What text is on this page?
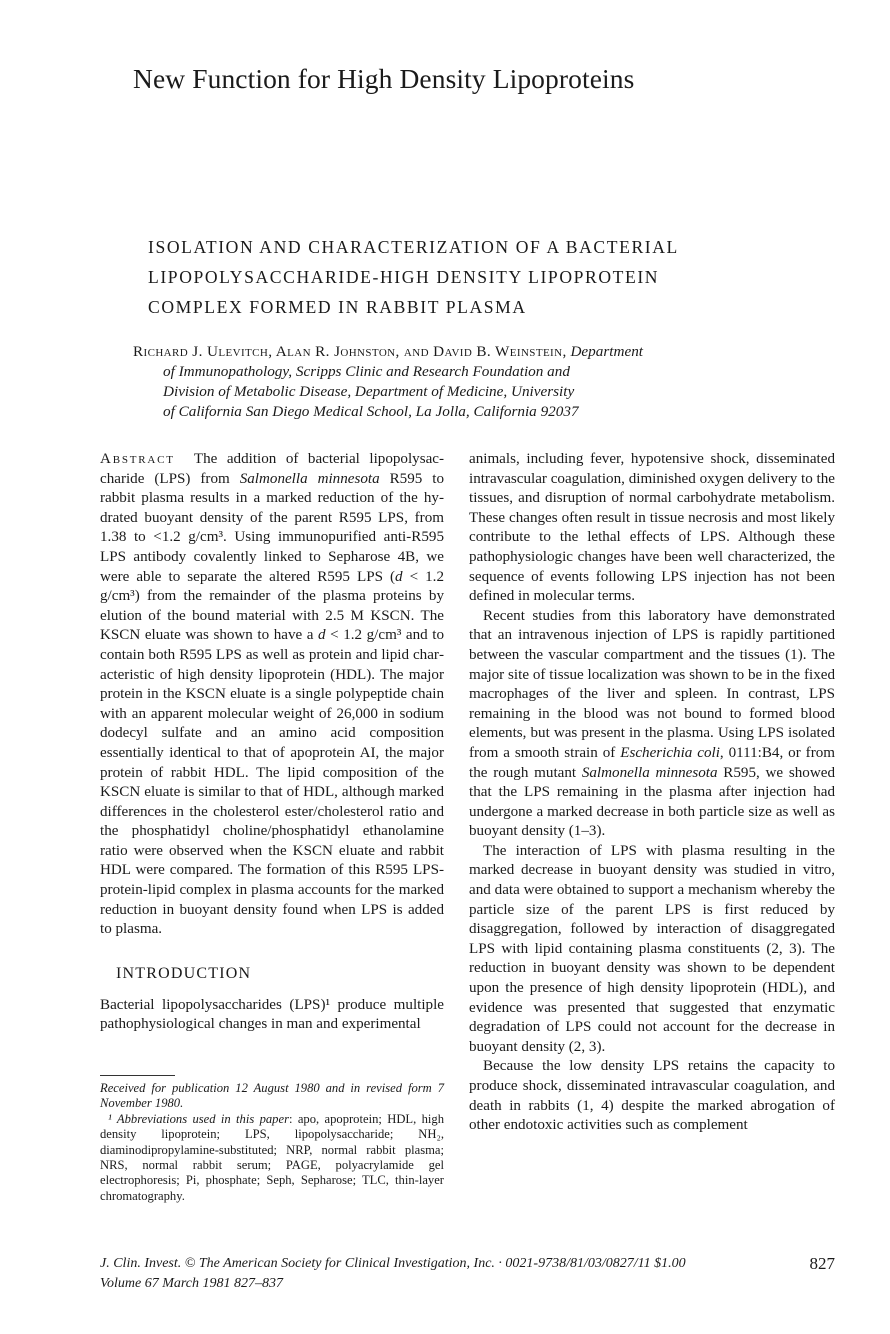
New Function for High Density Lipoproteins
ISOLATION AND CHARACTERIZATION OF A BACTERIAL
LIPOPOLYSACCHARIDE-HIGH DENSITY LIPOPROTEIN
COMPLEX FORMED IN RABBIT PLASMA
Richard J. Ulevitch, Alan R. Johnston, and David B. Weinstein, Department
of Immunopathology, Scripps Clinic and Research Foundation and
Division of Metabolic Disease, Department of Medicine, University
of California San Diego Medical School, La Jolla, California 92037

Abstract The addition of bacterial lipopolysaccharide (LPS) from Salmonella minnesota R595 to rabbit plasma results in a marked reduction of the hydrated buoyant density of the parent R595 LPS, from 1.38 to <1.2 g/cm³. Using immunopurified anti-R595 LPS antibody covalently linked to Sepharose 4B, we were able to separate the altered R595 LPS (d < 1.2 g/cm³) from the remainder of the plasma proteins by elution of the bound material with 2.5 M KSCN. The KSCN eluate was shown to have a d < 1.2 g/cm³ and to contain both R595 LPS as well as protein and lipid characteristic of high density lipoprotein (HDL). The major protein in the KSCN eluate is a single polypeptide chain with an apparent molecular weight of 26,000 in sodium dodecyl sulfate and an amino acid composition essentially identical to that of apoprotein AI, the major protein of rabbit HDL. The lipid composition of the KSCN eluate is similar to that of HDL, although marked differences in the cholesterol ester/cholesterol ratio and the phosphatidyl choline/phosphatidyl ethanolamine ratio were observed when the KSCN eluate and rabbit HDL were compared. The formation of this R595 LPS-protein-lipid complex in plasma accounts for the marked reduction in buoyant density found when LPS is added to plasma.

INTRODUCTION

Bacterial lipopolysaccharides (LPS)¹ produce multiple pathophysiological changes in man and experimental

Received for publication 12 August 1980 and in revised form 7 November 1980.

¹ Abbreviations used in this paper: apo, apoprotein; HDL, high density lipoprotein; LPS, lipopolysaccharide; NH₂, diaminodipropylamine-substituted; NRP, normal rabbit plasma; NRS, normal rabbit serum; PAGE, polyacrylamide gel electrophoresis; Pi, phosphate; Seph, Sepharose; TLC, thin-layer chromatography.

animals, including fever, hypotensive shock, disseminated intravascular coagulation, diminished oxygen delivery to the tissues, and disruption of normal carbohydrate metabolism. These changes often result in tissue necrosis and most likely contribute to the lethal effects of LPS. Although these pathophysiologic changes have been well characterized, the sequence of events following LPS injection has not been defined in molecular terms.

Recent studies from this laboratory have demonstrated that an intravenous injection of LPS is rapidly partitioned between the vascular compartment and the tissues (1). The major site of tissue localization was shown to be in the fixed macrophages of the liver and spleen. In contrast, LPS remaining in the blood was not bound to formed blood elements, but was present in the plasma. Using LPS isolated from a smooth strain of Escherichia coli, 0111:B4, or from the rough mutant Salmonella minnesota R595, we showed that the LPS remaining in the plasma after injection had undergone a marked decrease in both particle size as well as buoyant density (1–3).

The interaction of LPS with plasma resulting in the marked decrease in buoyant density was studied in vitro, and data were obtained to support a mechanism whereby the particle size of the parent LPS is first reduced by disaggregation, followed by interaction of disaggregated LPS with lipid containing plasma constituents (2, 3). The reduction in buoyant density was shown to be dependent upon the presence of high density lipoprotein (HDL), and evidence was presented that suggested that enzymatic degradation of LPS could not account for the decrease in buoyant density (2, 3).

Because the low density LPS retains the capacity to produce shock, disseminated intravascular coagulation, and death in rabbits (1, 4) despite the marked abrogation of other endotoxic activities such as complement

J. Clin. Invest. © The American Society for Clinical Investigation, Inc. · 0021-9738/81/03/0827/11 $1.00
Volume 67 March 1981 827–837
827
